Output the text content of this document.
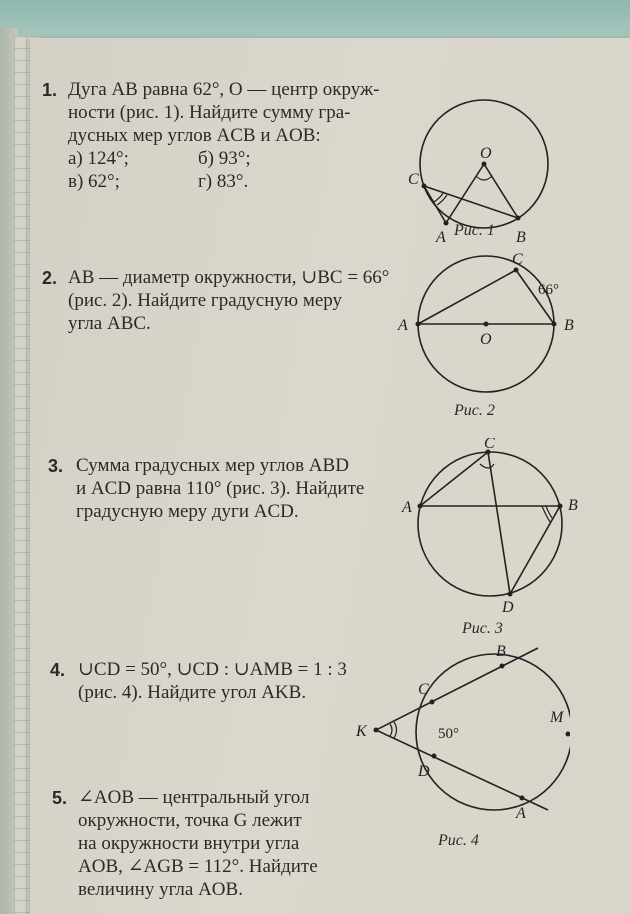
1. Дуга AB равна 62°, O — центр окруж-
ности (рис. 1). Найдите сумму гра-
дусных мер углов ACB и AOB:
а) 124°;	б) 93°;
в) 62°;	г) 83°.	C
O
A	B
Рис. 1
2. AB — диаметр окружности, ∪BC = 66°
(рис. 2). Найдите градусную меру
угла ABC.	A	B
C
O
66°
Рис. 2
3. Сумма градусных мер углов ABD
и ACD равна 110° (рис. 3). Найдите
градусную меру дуги ACD.	A	B
C
D
Рис. 3
4. ∪CD = 50°, ∪CD : ∪AMB = 1 : 3
(рис. 4). Найдите угол AKB.
K
B
C
M
D
A
50°
Рис. 4
5. ∠AOB — центральный угол
окружности, точка G лежит
на окружности внутри угла
AOB, ∠AGB = 112°. Найдите
величину угла AOB.
